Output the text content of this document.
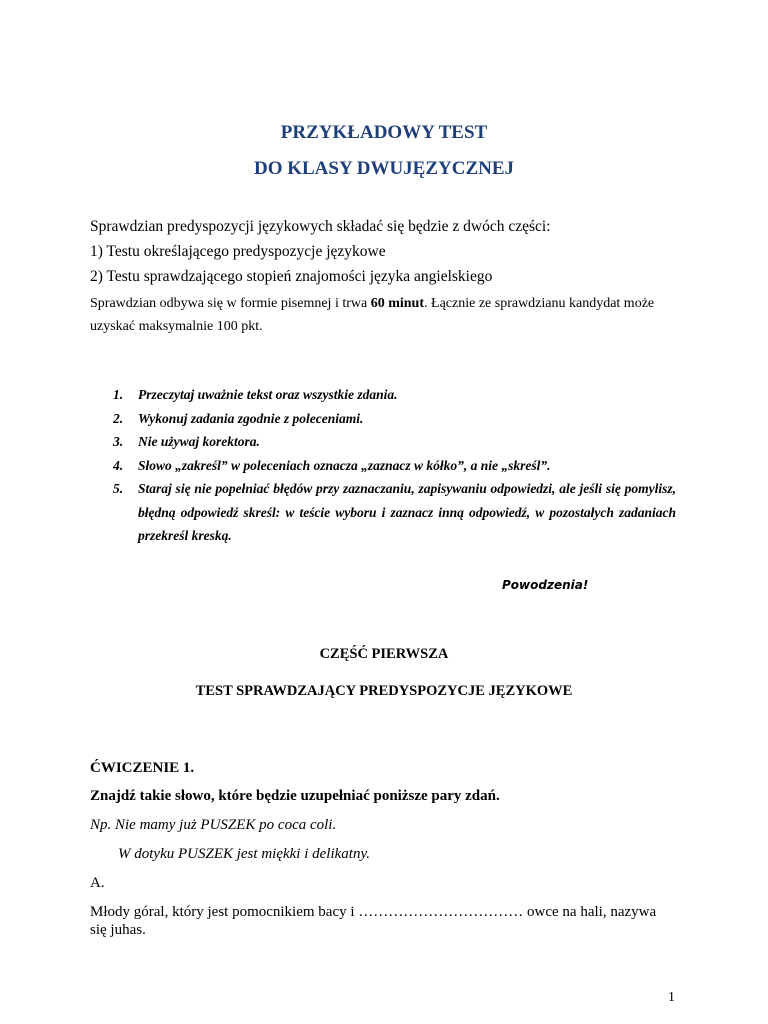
PRZYKŁADOWY TEST
DO KLASY DWUJĘZYCZNEJ
Sprawdzian predyspozycji językowych składać się będzie z dwóch części:
1) Testu określającego predyspozycje językowe
2) Testu sprawdzającego stopień znajomości języka angielskiego
Sprawdzian odbywa się w formie pisemnej i trwa 60 minut. Łącznie ze sprawdzianu kandydat może uzyskać maksymalnie 100 pkt.
1. Przeczytaj uważnie tekst oraz wszystkie zdania.
2. Wykonuj zadania zgodnie z poleceniami.
3. Nie używaj korektora.
4. Słowo „zakreśl” w poleceniach oznacza „zaznacz w kółko”, a nie „skreśl”.
5. Staraj się nie popełniać błędów przy zaznaczaniu, zapisywaniu odpowiedzi, ale jeśli się pomylisz, błędną odpowiedź skreśl: w teście wyboru i zaznacz inną odpowiedź, w pozostałych zadaniach przekreśl kreską.
Powodzenia!
CZĘŚĆ PIERWSZA
TEST SPRAWDZAJĄCY PREDYSPOZYCJE JĘZYKOWE
ĆWICZENIE 1.
Znajdź takie słowo, które będzie uzupełniać poniższe pary zdań.
Np. Nie mamy już PUSZEK po coca coli.
W dotyku PUSZEK jest miękki i delikatny.
A.
Młody góral, który jest pomocnikiem bacy i …………………………… owce na hali, nazywa się juhas.
1
